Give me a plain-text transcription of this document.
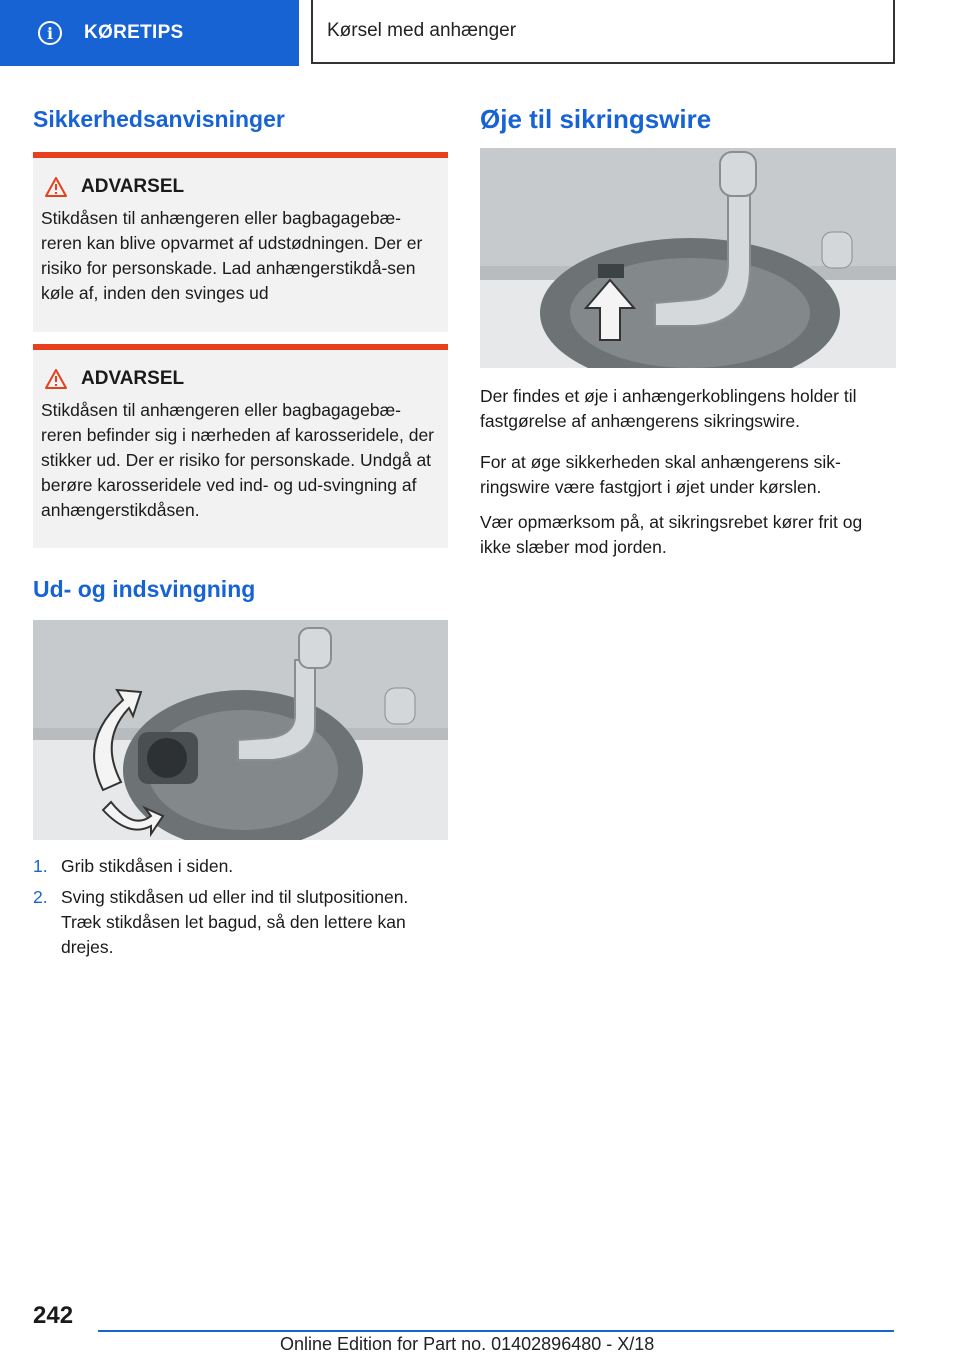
i	KØRETIPS	Kørsel med anhænger
Sikkerhedsanvisninger
ADVARSEL

Stikdåsen til anhængeren eller bagbagagebæ-reren kan blive opvarmet af udstødningen. Der er risiko for personskade. Lad anhængerstikdå-sen køle af, inden den svinges ud

ADVARSEL

Stikdåsen til anhængeren eller bagbagagebæ-reren befinder sig i nærheden af karosseridele, der stikker ud. Der er risiko for personskade. Undgå at berøre karosseridele ved ind- og ud-svingning af anhængerstikdåsen.

Ud- og indsvingning
1. Grib stikdåsen i siden.
2. Sving stikdåsen ud eller ind til slutpositionen. Træk stikdåsen let bagud, så den lettere kan drejes.
Øje til sikringswire

Der findes et øje i anhængerkoblingens holder til fastgørelse af anhængerens sikringswire.

For at øge sikkerheden skal anhængerens sik-ringswire være fastgjort i øjet under kørslen.

Vær opmærksom på, at sikringsrebet kører frit og ikke slæber mod jorden.

242
Online Edition for Part no. 01402896480 - X/18
